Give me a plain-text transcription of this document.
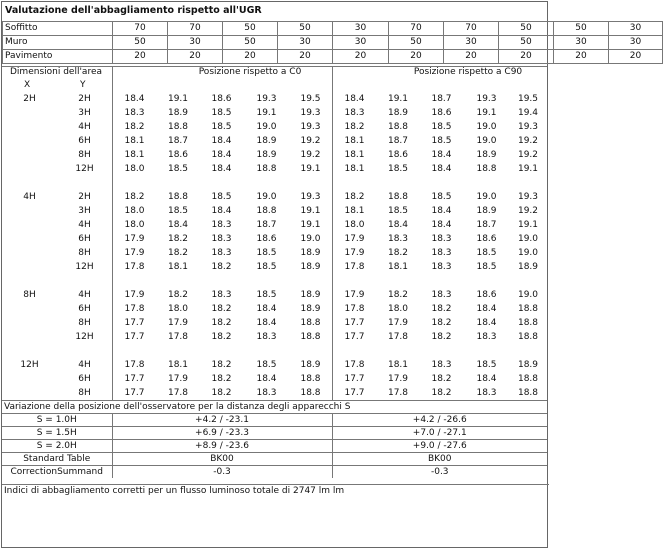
Valutazione dell'abbagliamento rispetto all'UGR
Soffitto	70	70	50	50	30	70	70	50	50	30
Muro	50	30	50	30	30	50	30	50	30	30
Pavimento	20	20	20	20	20	20	20	20	20	20
Dimensioni dell'area
X	Y
Posizione rispetto a C0	Posizione rispetto a C90
2H	2H	18.4	19.1	18.6	19.3	19.5	18.4	19.1	18.7	19.3	19.5
	3H	18.3	18.9	18.5	19.1	19.3	18.3	18.9	18.6	19.1	19.4
	4H	18.2	18.8	18.5	19.0	19.3	18.2	18.8	18.5	19.0	19.3
	6H	18.1	18.7	18.4	18.9	19.2	18.1	18.7	18.5	19.0	19.2
	8H	18.1	18.6	18.4	18.9	19.2	18.1	18.6	18.4	18.9	19.2
	12H	18.0	18.5	18.4	18.8	19.1	18.1	18.5	18.4	18.8	19.1

4H	2H	18.2	18.8	18.5	19.0	19.3	18.2	18.8	18.5	19.0	19.3
	3H	18.0	18.5	18.4	18.8	19.1	18.1	18.5	18.4	18.9	19.2
	4H	18.0	18.4	18.3	18.7	19.1	18.0	18.4	18.4	18.7	19.1
	6H	17.9	18.2	18.3	18.6	19.0	17.9	18.3	18.3	18.6	19.0
	8H	17.9	18.2	18.3	18.5	18.9	17.9	18.2	18.3	18.5	19.0
	12H	17.8	18.1	18.2	18.5	18.9	17.8	18.1	18.3	18.5	18.9

8H	4H	17.9	18.2	18.3	18.5	18.9	17.9	18.2	18.3	18.6	19.0
	6H	17.8	18.0	18.2	18.4	18.9	17.8	18.0	18.2	18.4	18.8
	8H	17.7	17.9	18.2	18.4	18.8	17.7	17.9	18.2	18.4	18.8
	12H	17.7	17.8	18.2	18.3	18.8	17.7	17.8	18.2	18.3	18.8

12H	4H	17.8	18.1	18.2	18.5	18.9	17.8	18.1	18.3	18.5	18.9
	6H	17.7	17.9	18.2	18.4	18.8	17.7	17.9	18.2	18.4	18.8
	8H	17.7	17.8	18.2	18.3	18.8	17.7	17.8	18.2	18.3	18.8
Variazione della posizione dell'osservatore per la distanza degli apparecchi S
S = 1.0H	+4.2 / -23.1	+4.2 / -26.6
S = 1.5H	+6.9 / -23.3	+7.0 / -27.1
S = 2.0H	+8.9 / -23.6	+9.0 / -27.6
Standard Table	BK00	BK00
CorrectionSummand	-0.3	-0.3
Indici di abbagliamento corretti per un flusso luminoso totale di 2747 lm lm
